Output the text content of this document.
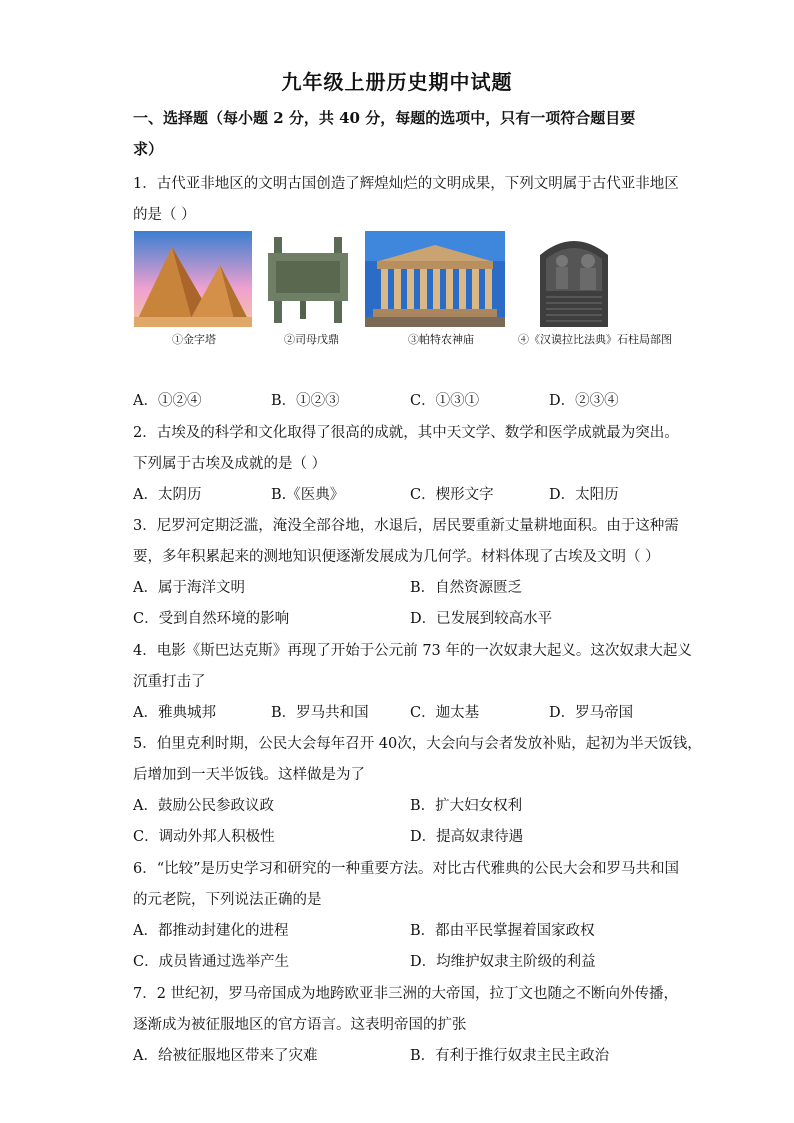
九年级上册历史期中试题
一、选择题（每小题 2 分，共 40 分，每题的选项中，只有一项符合题目要
求）
1．古代亚非地区的文明古国创造了辉煌灿烂的文明成果，下列文明属于古代亚非地区
的是（ ）
①金字塔	②司母戊鼎	③帕特农神庙	④《汉谟拉比法典》石柱局部图
A．①②④	B．①②③	C．①③①	D．②③④
2．古埃及的科学和文化取得了很高的成就，其中天文学、数学和医学成就最为突出。
下列属于古埃及成就的是（ ）
A．太阴历	B.《医典》	C．楔形文字	D．太阳历
3．尼罗河定期泛滥，淹没全部谷地，水退后，居民要重新丈量耕地面积。由于这种需
要，多年积累起来的测地知识便逐渐发展成为几何学。材料体现了古埃及文明（ ）
A．属于海洋文明	B．自然资源匮乏
C．受到自然环境的影响	D．已发展到较高水平
4．电影《斯巴达克斯》再现了开始于公元前 73 年的一次奴隶大起义。这次奴隶大起义
沉重打击了
A．雅典城邦	B．罗马共和国	C．迦太基	D．罗马帝国
5．伯里克利时期，公民大会每年召开 40次，大会向与会者发放补贴，起初为半天饭钱，
后增加到一天半饭钱。这样做是为了
A．鼓励公民参政议政	B．扩大妇女权利
C．调动外邦人积极性	D．提高奴隶待遇
6．“比较”是历史学习和研究的一种重要方法。对比古代雅典的公民大会和罗马共和国
的元老院，下列说法正确的是
A．都推动封建化的进程	B．都由平民掌握着国家政权
C．成员皆通过选举产生	D．均维护奴隶主阶级的利益
7．2 世纪初，罗马帝国成为地跨欧亚非三洲的大帝国，拉丁文也随之不断向外传播，
逐渐成为被征服地区的官方语言。这表明帝国的扩张
A．给被征服地区带来了灾难	B．有利于推行奴隶主民主政治
